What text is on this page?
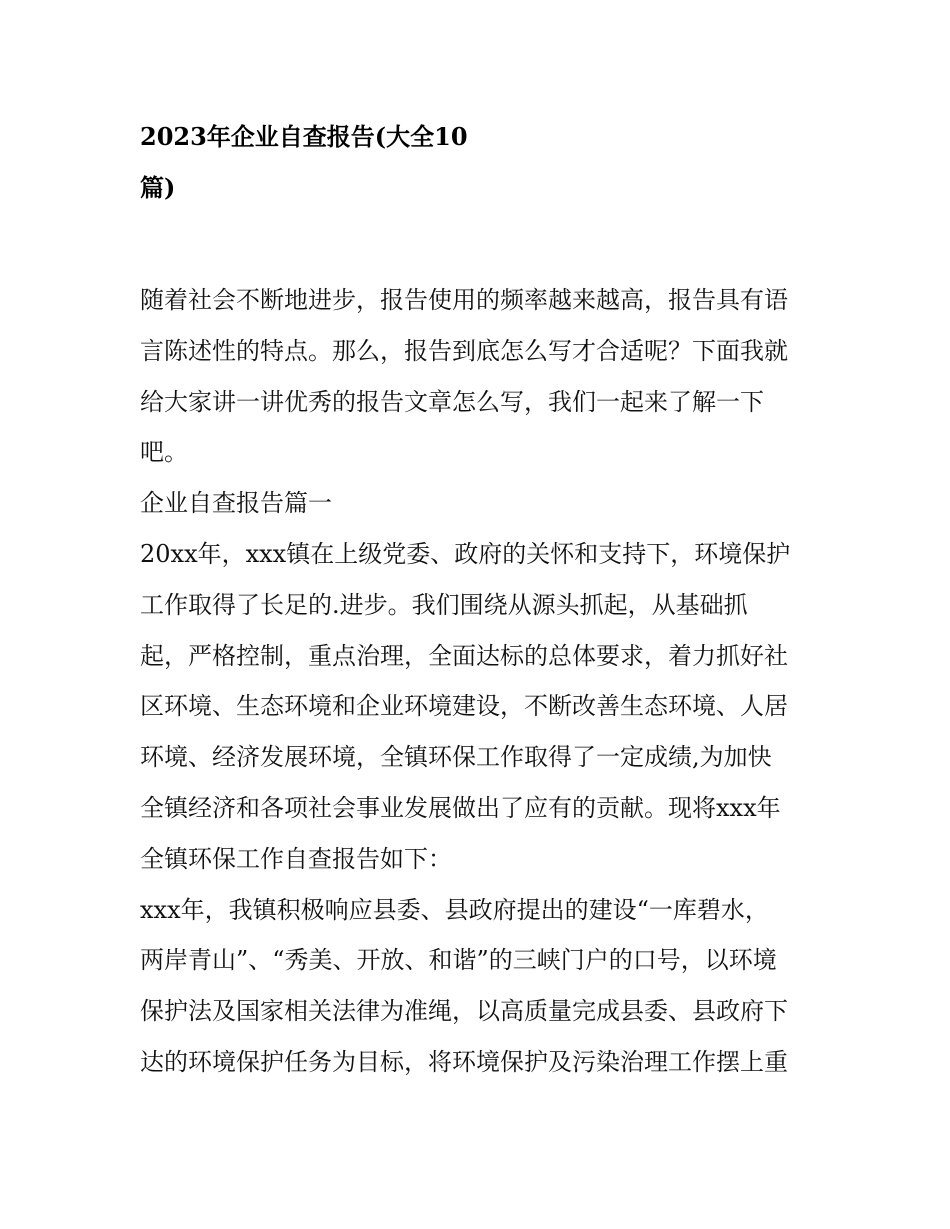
2023年企业自查报告(大全10
篇)
随着社会不断地进步，报告使用的频率越来越高，报告具有语
言陈述性的特点。那么，报告到底怎么写才合适呢？下面我就
给大家讲一讲优秀的报告文章怎么写，我们一起来了解一下
吧。
企业自查报告篇一
20xx年，xxx镇在上级党委、政府的关怀和支持下，环境保护
工作取得了长足的.进步。我们围绕从源头抓起，从基础抓
起，严格控制，重点治理，全面达标的总体要求，着力抓好社
区环境、生态环境和企业环境建设，不断改善生态环境、人居
环境、经济发展环境，全镇环保工作取得了一定成绩,为加快
全镇经济和各项社会事业发展做出了应有的贡献。现将xxx年
全镇环保工作自查报告如下：
xxx年，我镇积极响应县委、县政府提出的建设“一库碧水，
两岸青山”、“秀美、开放、和谐”的三峡门户的口号，以环境
保护法及国家相关法律为准绳，以高质量完成县委、县政府下
达的环境保护任务为目标，将环境保护及污染治理工作摆上重
